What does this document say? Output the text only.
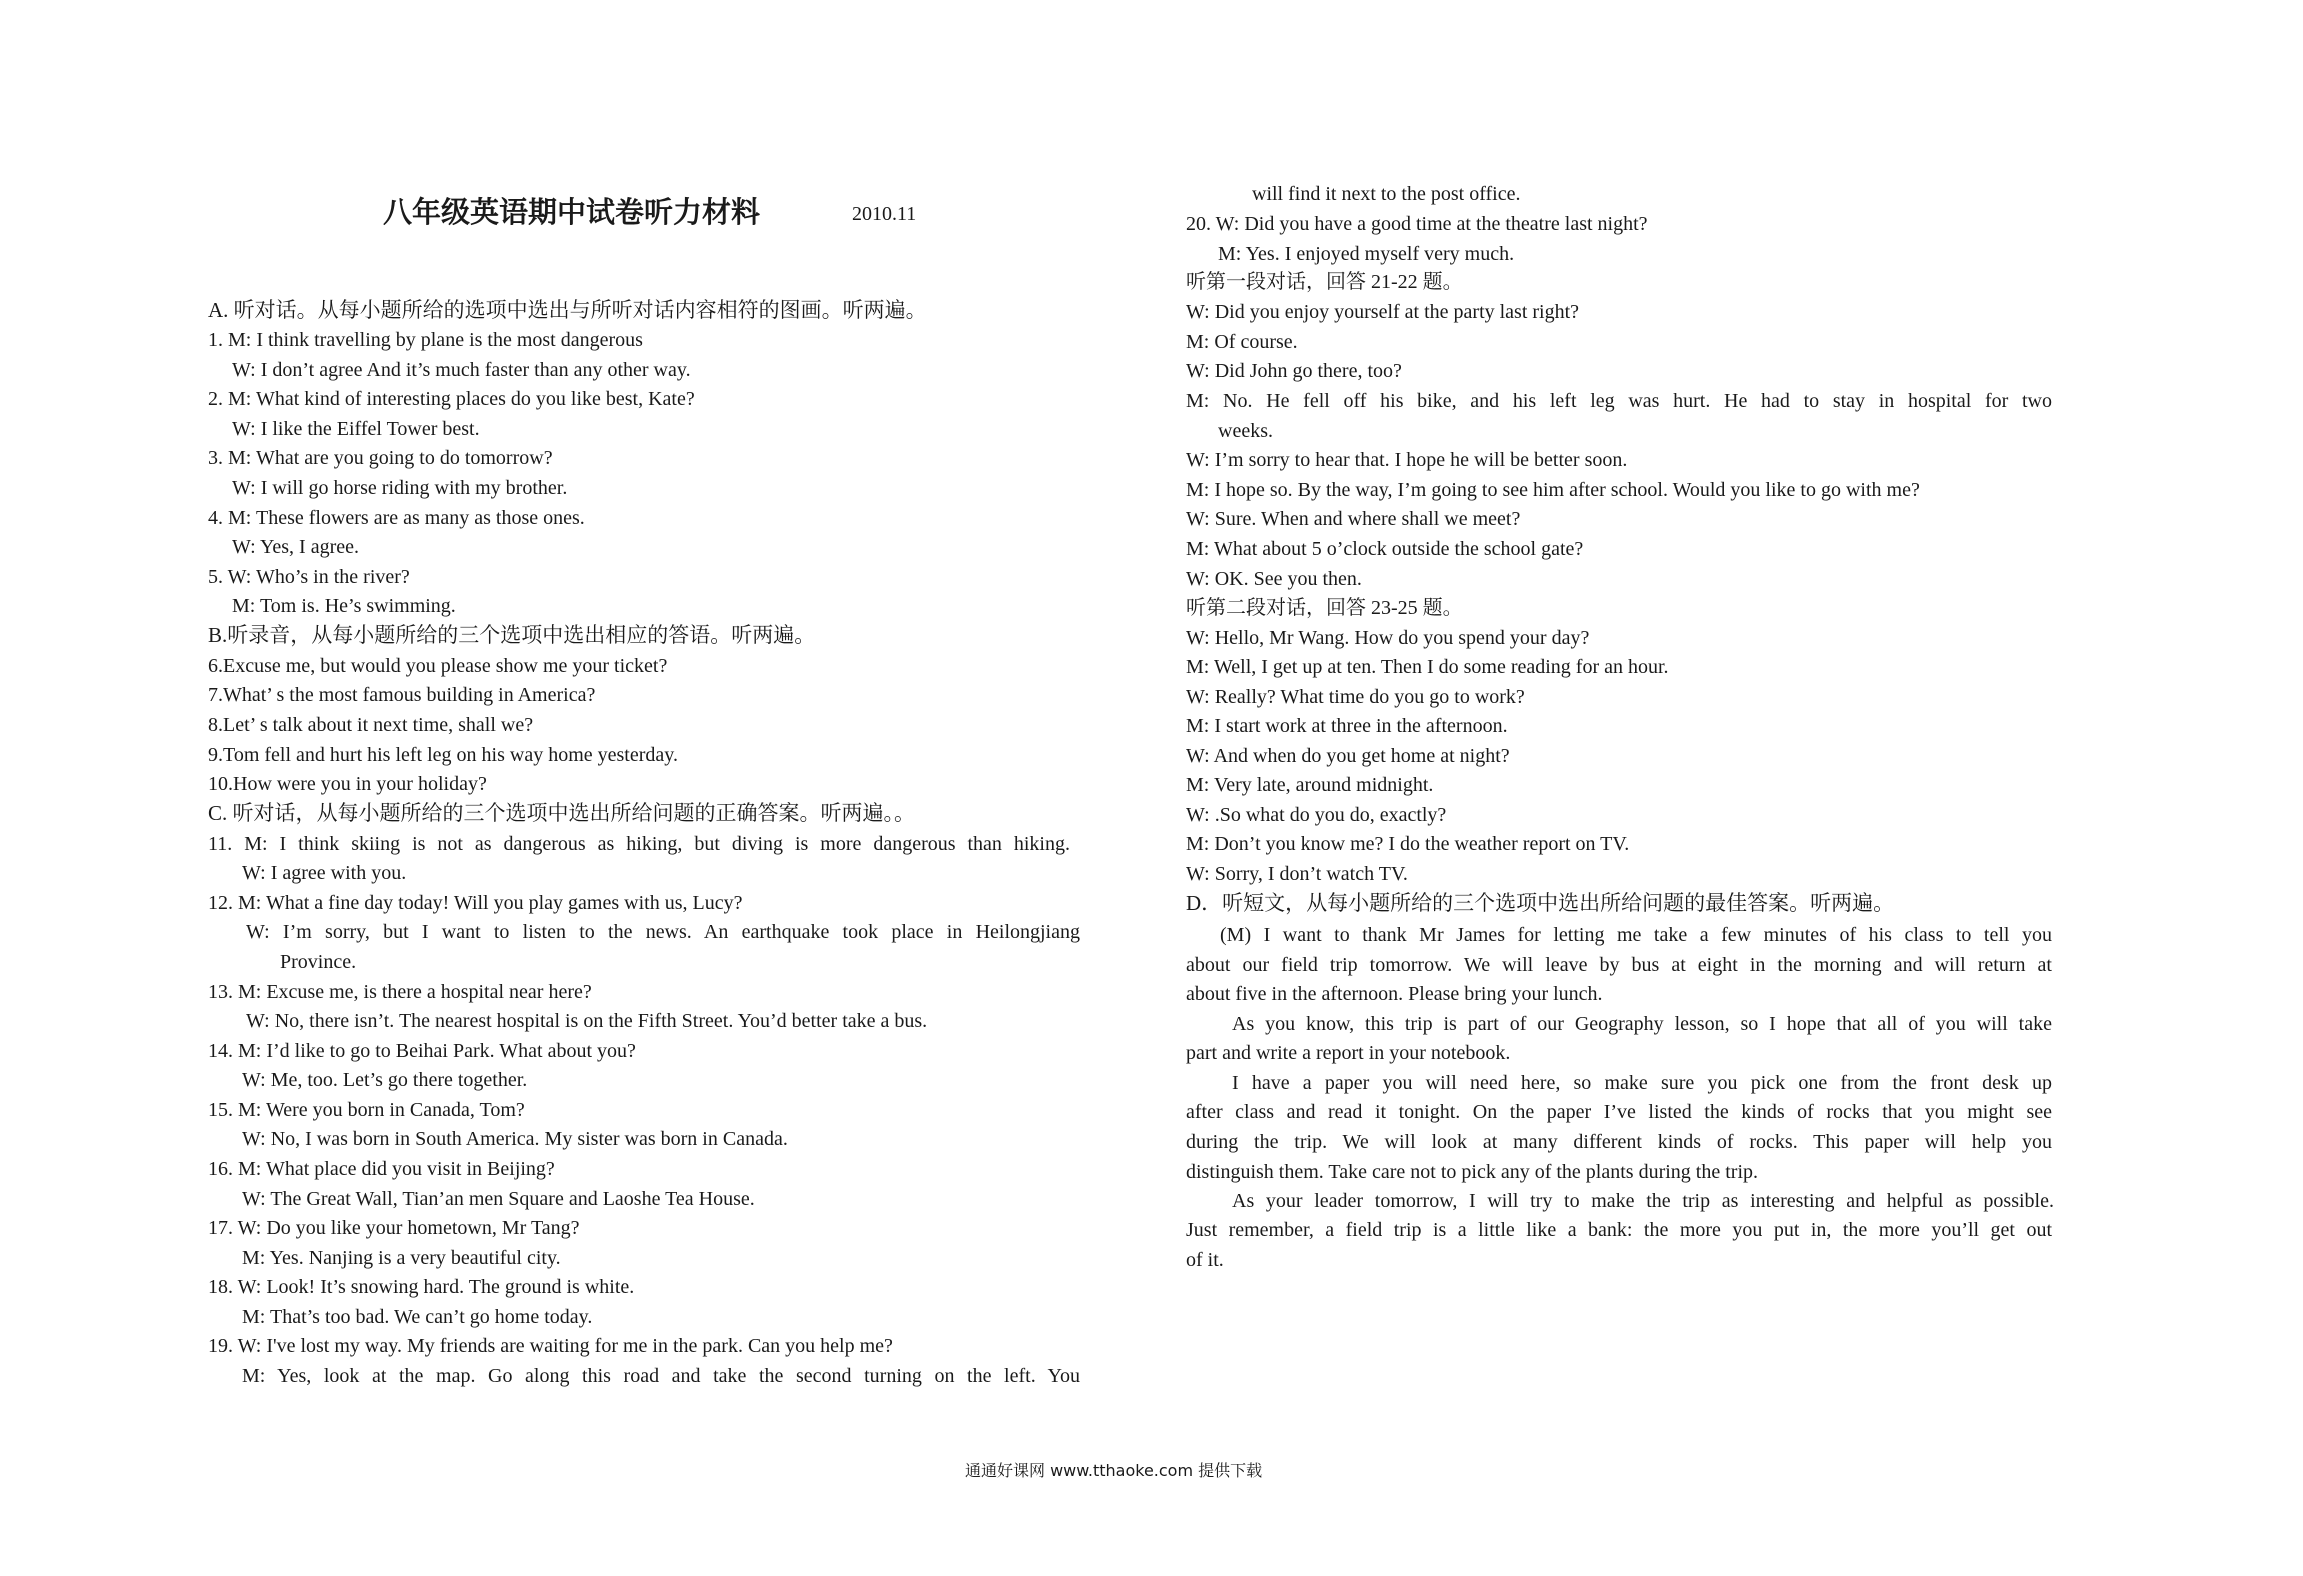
八年级英语期中试卷听力材料	2010.11
A. 听对话。从每小题所给的选项中选出与所听对话内容相符的图画。听两遍。
1. M: I think travelling by plane is the most dangerous
W: I don’t agree And it’s much faster than any other way.
2. M: What kind of interesting places do you like best, Kate?
W: I like the Eiffel Tower best.
3. M: What are you going to do tomorrow?
W: I will go horse riding with my brother.
4. M: These flowers are as many as those ones.
W: Yes, I agree.
5. W: Who’s in the river?
M: Tom is. He’s swimming.
B.听录音，从每小题所给的三个选项中选出相应的答语。听两遍。
6.Excuse me, but would you please show me your ticket?
7.What’ s the most famous building in America?
8.Let’ s talk about it next time, shall we?
9.Tom fell and hurt his left leg on his way home yesterday.
10.How were you in your holiday?
C. 听对话，从每小题所给的三个选项中选出所给问题的正确答案。听两遍。。
11. M: I think skiing is not as dangerous as hiking, but diving is more dangerous than hiking.
W: I agree with you.
12. M: What a fine day today! Will you play games with us, Lucy?
W: I’m sorry, but I want to listen to the news. An earthquake took place in Heilongjiang
Province.
13. M: Excuse me, is there a hospital near here?
W: No, there isn’t. The nearest hospital is on the Fifth Street. You’d better take a bus.
14. M: I’d like to go to Beihai Park. What about you?
W: Me, too. Let’s go there together.
15. M: Were you born in Canada, Tom?
W: No, I was born in South America. My sister was born in Canada.
16. M: What place did you visit in Beijing?
W: The Great Wall, Tian’an men Square and Laoshe Tea House.
17. W: Do you like your hometown, Mr Tang?
M: Yes. Nanjing is a very beautiful city.
18. W: Look! It’s snowing hard. The ground is white.
M: That’s too bad. We can’t go home today.
19. W: I've lost my way. My friends are waiting for me in the park. Can you help me?
M: Yes, look at the map. Go along this road and take the second turning on the left. You
will find it next to the post office.
20. W: Did you have a good time at the theatre last night?
M: Yes. I enjoyed myself very much.
听第一段对话，回答 21-22 题。
W: Did you enjoy yourself at the party last right?
M: Of course.
W: Did John go there, too?
M: No. He fell off his bike, and his left leg was hurt. He had to stay in hospital for two
weeks.
W: I’m sorry to hear that. I hope he will be better soon.
M: I hope so. By the way, I’m going to see him after school. Would you like to go with me?
W: Sure. When and where shall we meet?
M: What about 5 o’clock outside the school gate?
W: OK. See you then.
听第二段对话，回答 23-25 题。
W: Hello, Mr Wang. How do you spend your day?
M: Well, I get up at ten. Then I do some reading for an hour.
W: Really? What time do you go to work?
M: I start work at three in the afternoon.
W: And when do you get home at night?
M: Very late, around midnight.
W: .So what do you do, exactly?
M: Don’t you know me? I do the weather report on TV.
W: Sorry, I don’t watch TV.
D．听短文，从每小题所给的三个选项中选出所给问题的最佳答案。听两遍。
(M) I want to thank Mr James for letting me take a few minutes of his class to tell you
about our field trip tomorrow. We will leave by bus at eight in the morning and will return at
about five in the afternoon. Please bring your lunch.
As you know, this trip is part of our Geography lesson, so I hope that all of you will take
part and write a report in your notebook.
I have a paper you will need here, so make sure you pick one from the front desk up
after class and read it tonight. On the paper I’ve listed the kinds of rocks that you might see
during the trip. We will look at many different kinds of rocks. This paper will help you
distinguish them. Take care not to pick any of the plants during the trip.
As your leader tomorrow, I will try to make the trip as interesting and helpful as possible.
Just remember, a field trip is a little like a bank: the more you put in, the more you’ll get out
of it.
通通好课网 www.tthaoke.com 提供下载
